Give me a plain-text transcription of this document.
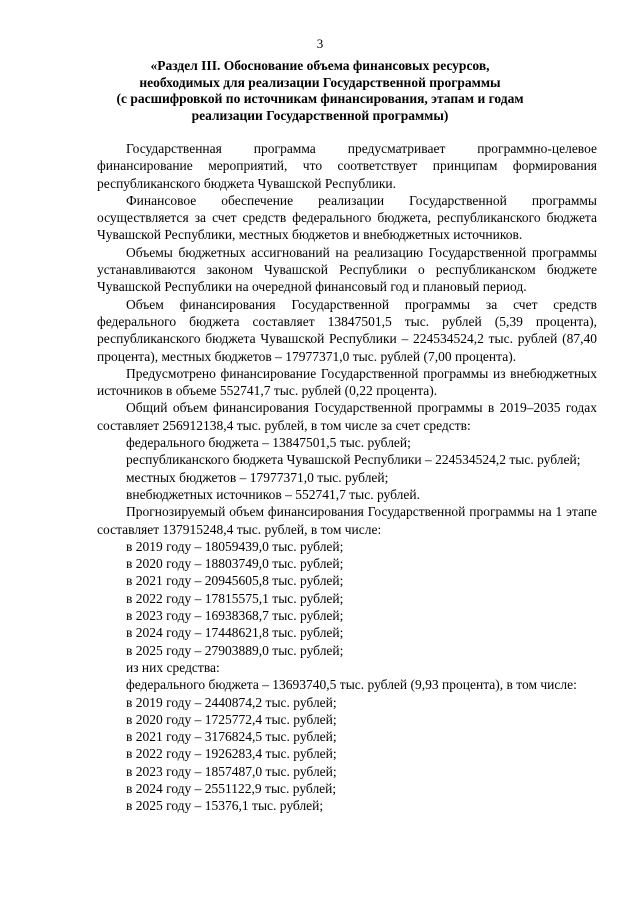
3
«Раздел III. Обоснование объема финансовых ресурсов,
необходимых для реализации Государственной программы
(с расшифровкой по источникам финансирования, этапам и годам
реализации Государственной программы)

Государственная программа предусматривает программно-целевое финансирование мероприятий, что соответствует принципам формирования республиканского бюджета Чувашской Республики.

Финансовое обеспечение реализации Государственной программы осуществляется за счет средств федерального бюджета, республиканского бюджета Чувашской Республики, местных бюджетов и внебюджетных источников.

Объемы бюджетных ассигнований на реализацию Государственной программы устанавливаются законом Чувашской Республики о республиканском бюджете Чувашской Республики на очередной финансовый год и плановый период.

Объем финансирования Государственной программы за счет средств федерального бюджета составляет 13847501,5 тыс. рублей (5,39 процента), республиканского бюджета Чувашской Республики – 224534524,2 тыс. рублей (87,40 процента), местных бюджетов – 17977371,0 тыс. рублей (7,00 процента).

Предусмотрено финансирование Государственной программы из внебюджетных источников в объеме 552741,7 тыс. рублей (0,22 процента).

Общий объем финансирования Государственной программы в 2019–2035 годах составляет 256912138,4 тыс. рублей, в том числе за счет средств:

федерального бюджета – 13847501,5 тыс. рублей;

республиканского бюджета Чувашской Республики – 224534524,2 тыс. рублей;

местных бюджетов – 17977371,0 тыс. рублей;
внебюджетных источников – 552741,7 тыс. рублей.

Прогнозируемый объем финансирования Государственной программы на 1 этапе составляет 137915248,4 тыс. рублей, в том числе:

в 2019 году – 18059439,0 тыс. рублей;
в 2020 году – 18803749,0 тыс. рублей;
в 2021 году – 20945605,8 тыс. рублей;
в 2022 году – 17815575,1 тыс. рублей;
в 2023 году – 16938368,7 тыс. рублей;
в 2024 году – 17448621,8 тыс. рублей;
в 2025 году – 27903889,0 тыс. рублей;
из них средства:

федерального бюджета – 13693740,5 тыс. рублей (9,93 процента), в том числе:

в 2019 году – 2440874,2 тыс. рублей;
в 2020 году – 1725772,4 тыс. рублей;
в 2021 году – 3176824,5 тыс. рублей;
в 2022 году – 1926283,4 тыс. рублей;
в 2023 году – 1857487,0 тыс. рублей;
в 2024 году – 2551122,9 тыс. рублей;
в 2025 году – 15376,1 тыс. рублей;
